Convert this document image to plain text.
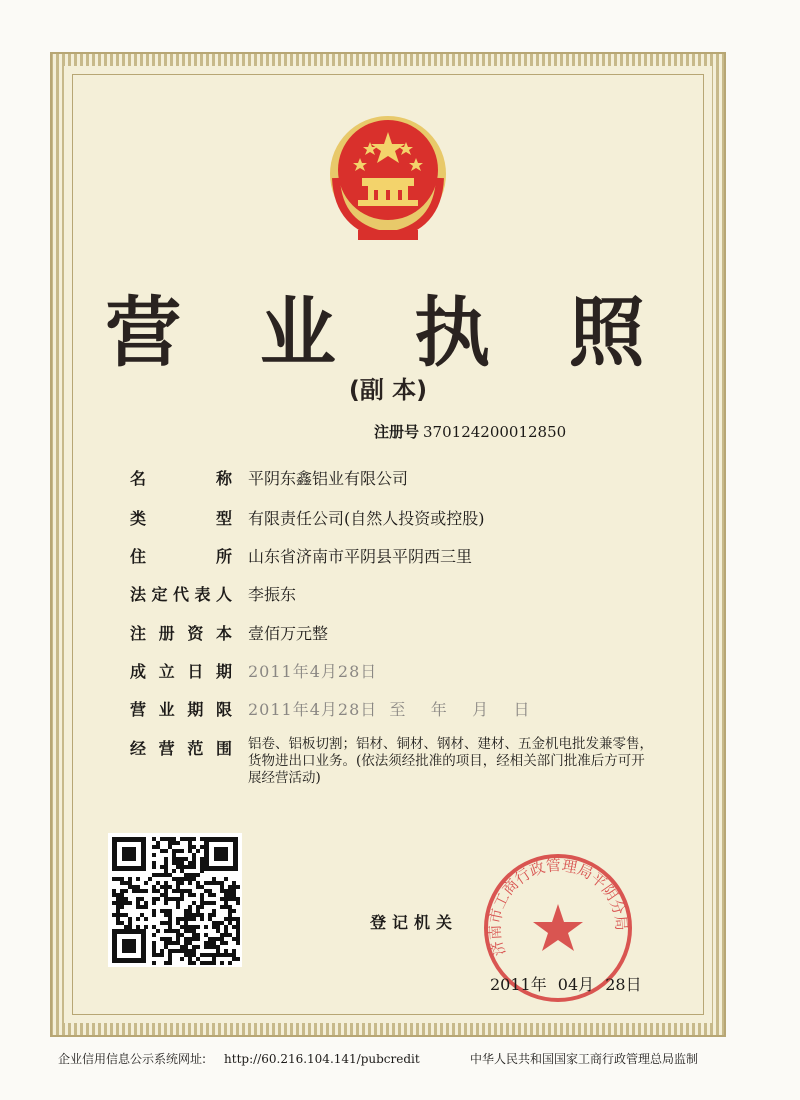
营 业 执 照
(副 本)
注册号 370124200012850
名称 平阴东鑫铝业有限公司
类型 有限责任公司(自然人投资或控股)
住所 山东省济南市平阴县平阴西三里
法定代表人 李振东
注册资本 壹佰万元整
成立日期 2011年4月28日
营业期限 2011年4月28日  至    年    月    日
经营范围 铝卷、铝板切割；铝材、铜材、钢材、建材、五金机电批发兼零售，货物进出口业务。(依法须经批准的项目，经相关部门批准后方可开展经营活动)
登记机关
济南市工商行政管理局平阴分局
2011年 04月 28日
企业信用信息公示系统网址: http://60.216.104.141/pubcredit	中华人民共和国国家工商行政管理总局监制
